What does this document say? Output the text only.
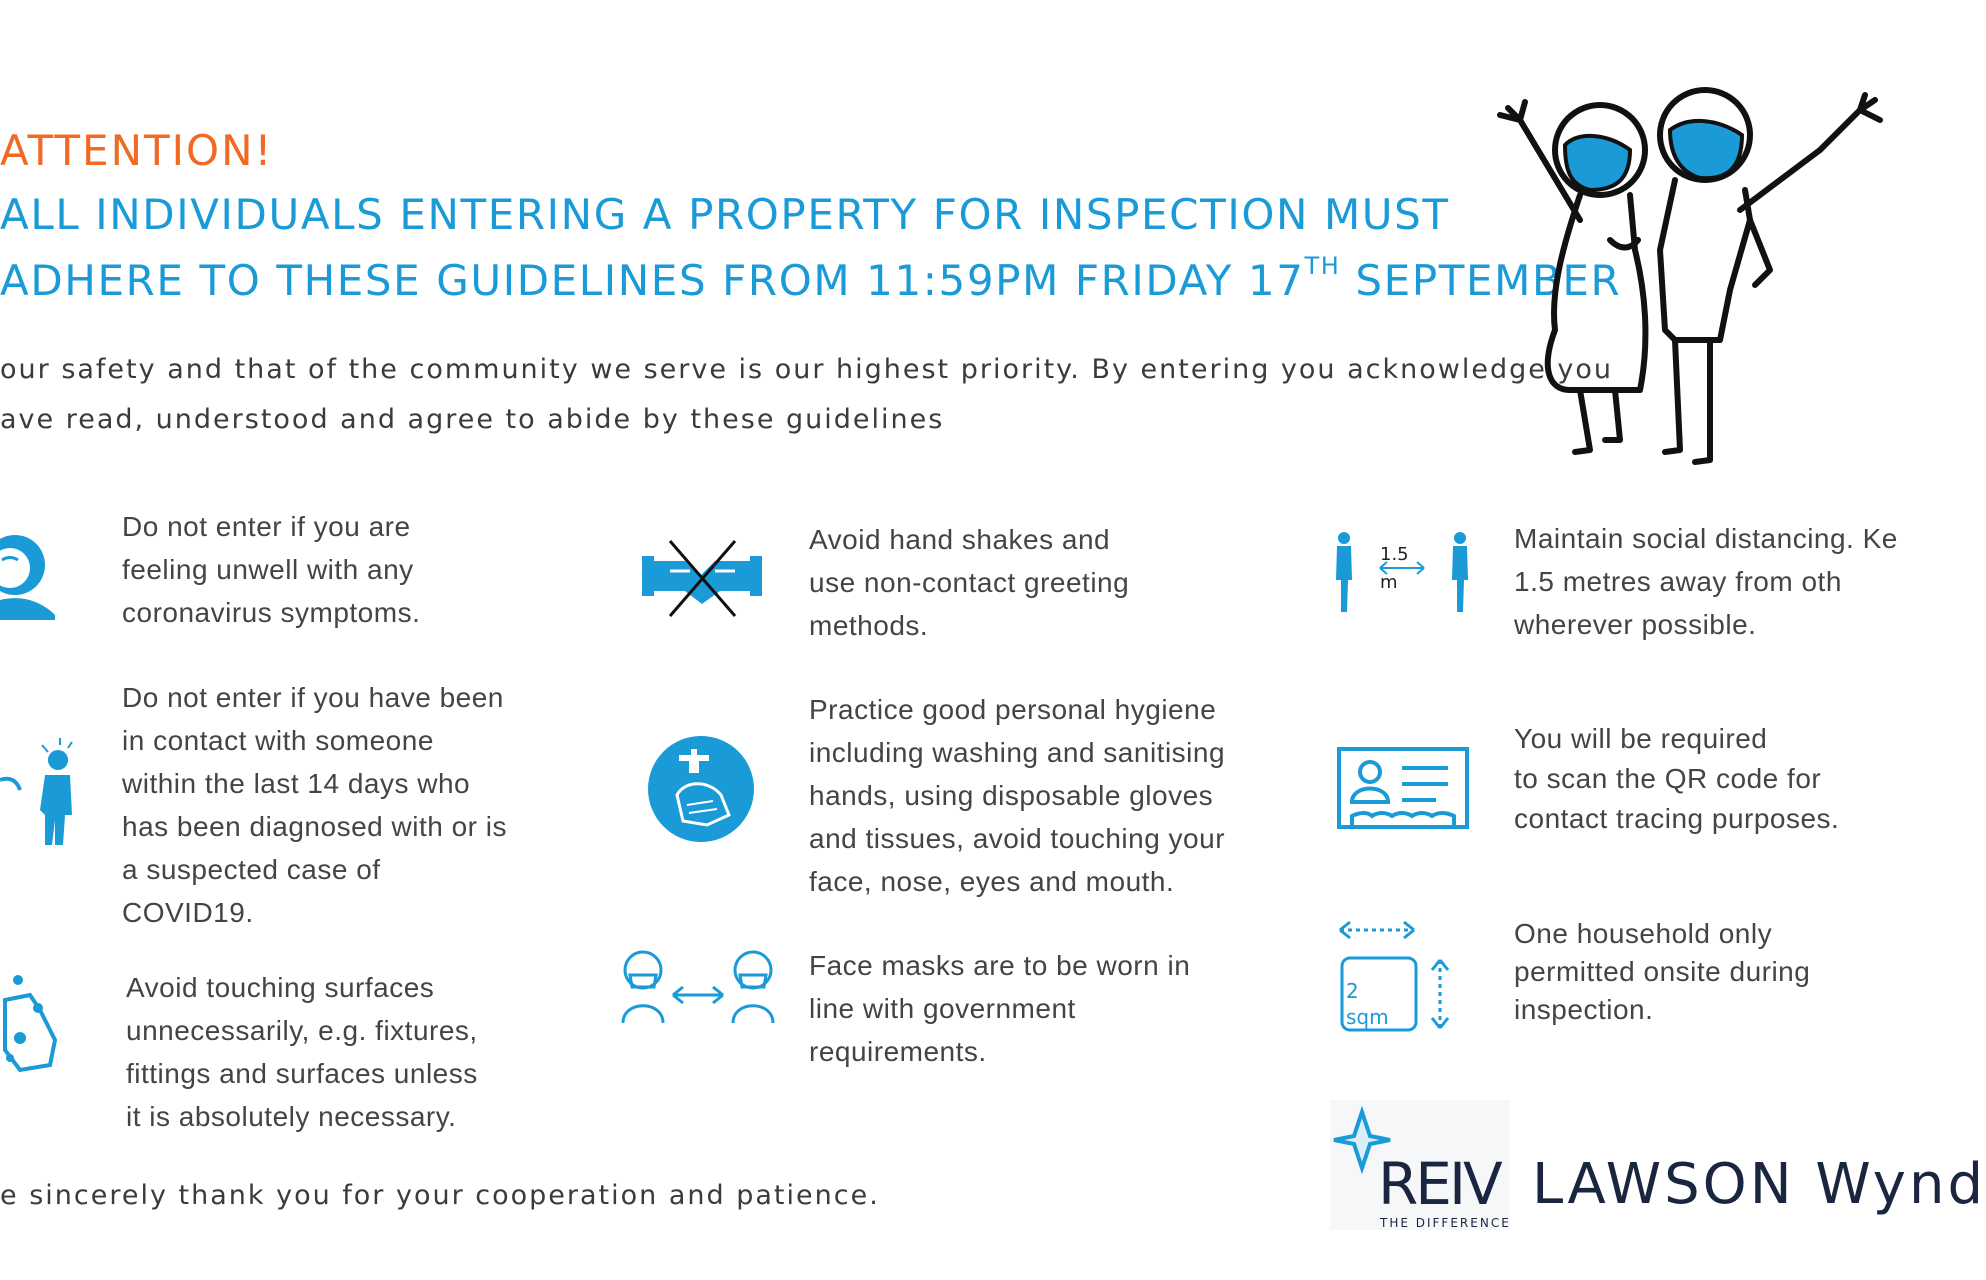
ATTENTION!
ALL INDIVIDUALS ENTERING A PROPERTY FOR INSPECTION MUST
ADHERE TO THESE GUIDELINES FROM 11:59PM FRIDAY 17TH SEPTEMBER
our safety and that of the community we serve is our highest priority. By entering you acknowledge you
ave read, understood and agree to abide by these guidelines
Do not enter if you are
feeling unwell with any
coronavirus symptoms.
Do not enter if you have been
in contact with someone
within the last 14 days who
has been diagnosed with or is
a suspected case of
COVID19.
Avoid touching surfaces
unnecessarily, e.g. fixtures,
fittings and surfaces unless
it is absolutely necessary.
Avoid hand shakes and
use non-contact greeting
methods.
Practice good personal hygiene
including washing and sanitising
hands, using disposable gloves
and tissues, avoid touching your
face, nose, eyes and mouth.
Face masks are to be worn in
line with government
requirements.
1.5
m
Maintain social distancing. Ke
1.5 metres away from oth
wherever possible.
You will be required
to scan the QR code for
contact tracing purposes.
2
sqm
One household only
permitted onsite during
inspection.
e sincerely thank you for your cooperation and patience.	REIV
THE DIFFERENCE
LAWSON Wynd
